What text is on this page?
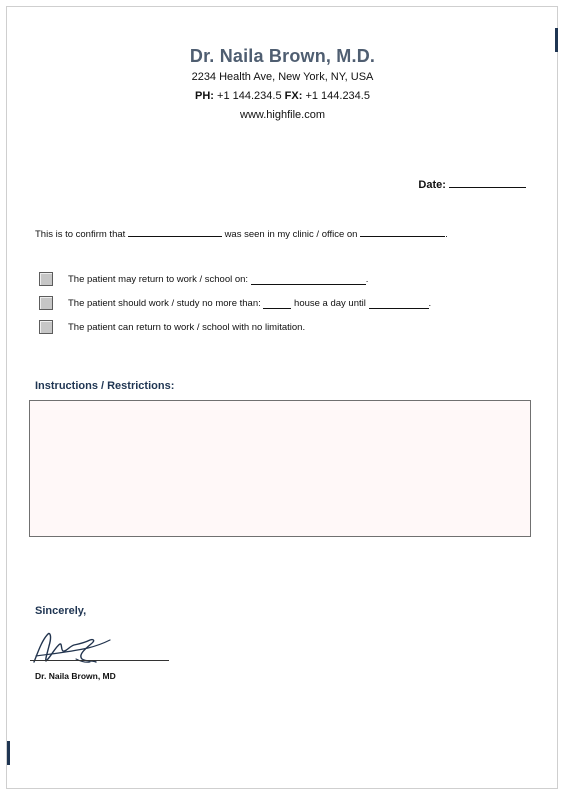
Dr. Naila Brown, M.D.
2234 Health Ave, New York, NY, USA
PH: +1 144.234.5 FX: +1 144.234.5
www.highfile.com
Date:
This is to confirm that	was seen in my clinic / office on	.
The patient may return to work / school on:
	.
The patient should work / study no more than:

	house a day until
	.
The patient can return to work / school with no limitation.
Instructions / Restrictions:
Sincerely,
Dr. Naila Brown, MD
